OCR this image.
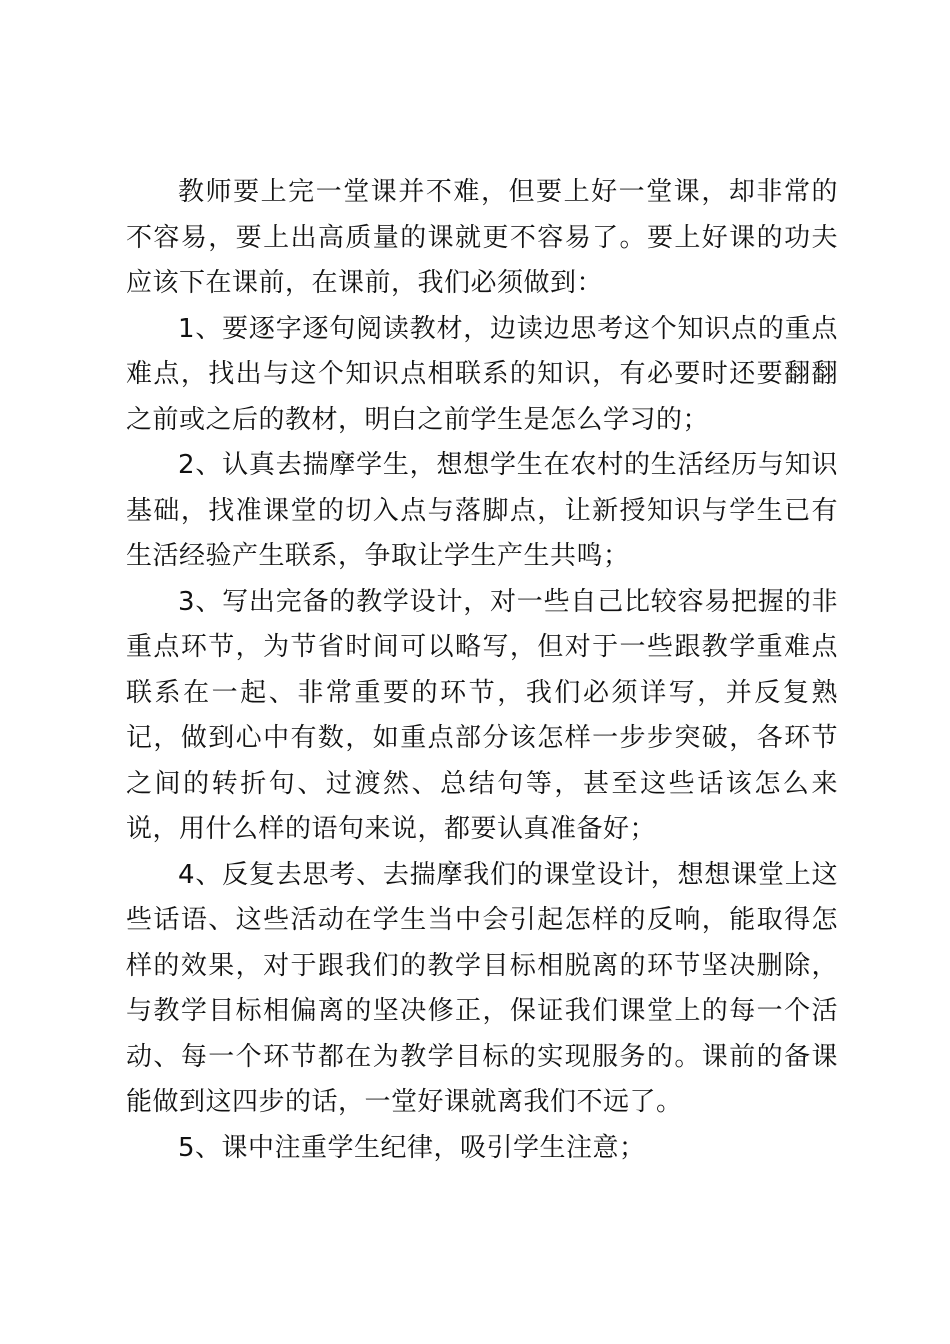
教师要上完一堂课并不难，但要上好一堂课，却非常的不容易，要上出高质量的课就更不容易了。要上好课的功夫应该下在课前，在课前，我们必须做到：

1、要逐字逐句阅读教材，边读边思考这个知识点的重点难点，找出与这个知识点相联系的知识，有必要时还要翻翻之前或之后的教材，明白之前学生是怎么学习的；

2、认真去揣摩学生，想想学生在农村的生活经历与知识基础，找准课堂的切入点与落脚点，让新授知识与学生已有生活经验产生联系，争取让学生产生共鸣；

3、写出完备的教学设计，对一些自己比较容易把握的非重点环节，为节省时间可以略写，但对于一些跟教学重难点联系在一起、非常重要的环节，我们必须详写，并反复熟记，做到心中有数，如重点部分该怎样一步步突破，各环节之间的转折句、过渡然、总结句等，甚至这些话该怎么来说，用什么样的语句来说，都要认真准备好；

4、反复去思考、去揣摩我们的课堂设计，想想课堂上这些话语、这些活动在学生当中会引起怎样的反响，能取得怎样的效果，对于跟我们的教学目标相脱离的环节坚决删除，与教学目标相偏离的坚决修正，保证我们课堂上的每一个活动、每一个环节都在为教学目标的实现服务的。课前的备课能做到这四步的话，一堂好课就离我们不远了。

5、课中注重学生纪律，吸引学生注意；
